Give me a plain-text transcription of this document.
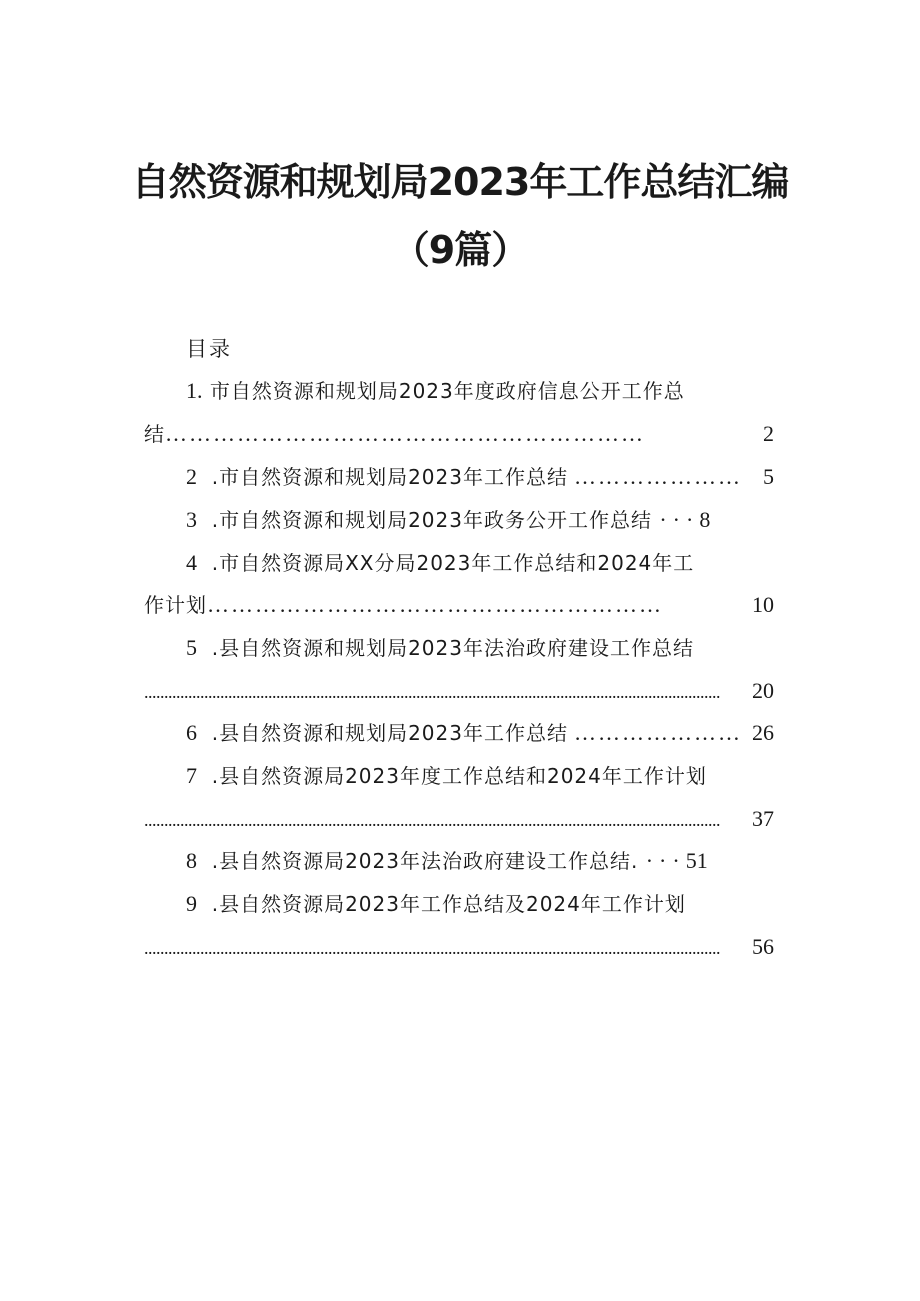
自然资源和规划局2023年工作总结汇编
（9篇）
目录
1. 市自然资源和规划局2023年度政府信息公开工作总
结 ……………………………………………………	2
2 .市自然资源和规划局2023年工作总结 ………………… 5
3 .市自然资源和规划局2023年政务公开工作总结 ···8
4 .市自然资源局XX分局2023年工作总结和2024年工
作计划 …………………………………………………	10
5 .县自然资源和规划局2023年法治政府建设工作总结
................................................................................................................................................	20
6 .县自然资源和规划局2023年工作总结 ………………… 26
7 .县自然资源局2023年度工作总结和2024年工作计划
................................................................................................................................................	37
8 .县自然资源局2023年法治政府建设工作总结. ···51
9 .县自然资源局2023年工作总结及2024年工作计划
................................................................................................................................................	56
